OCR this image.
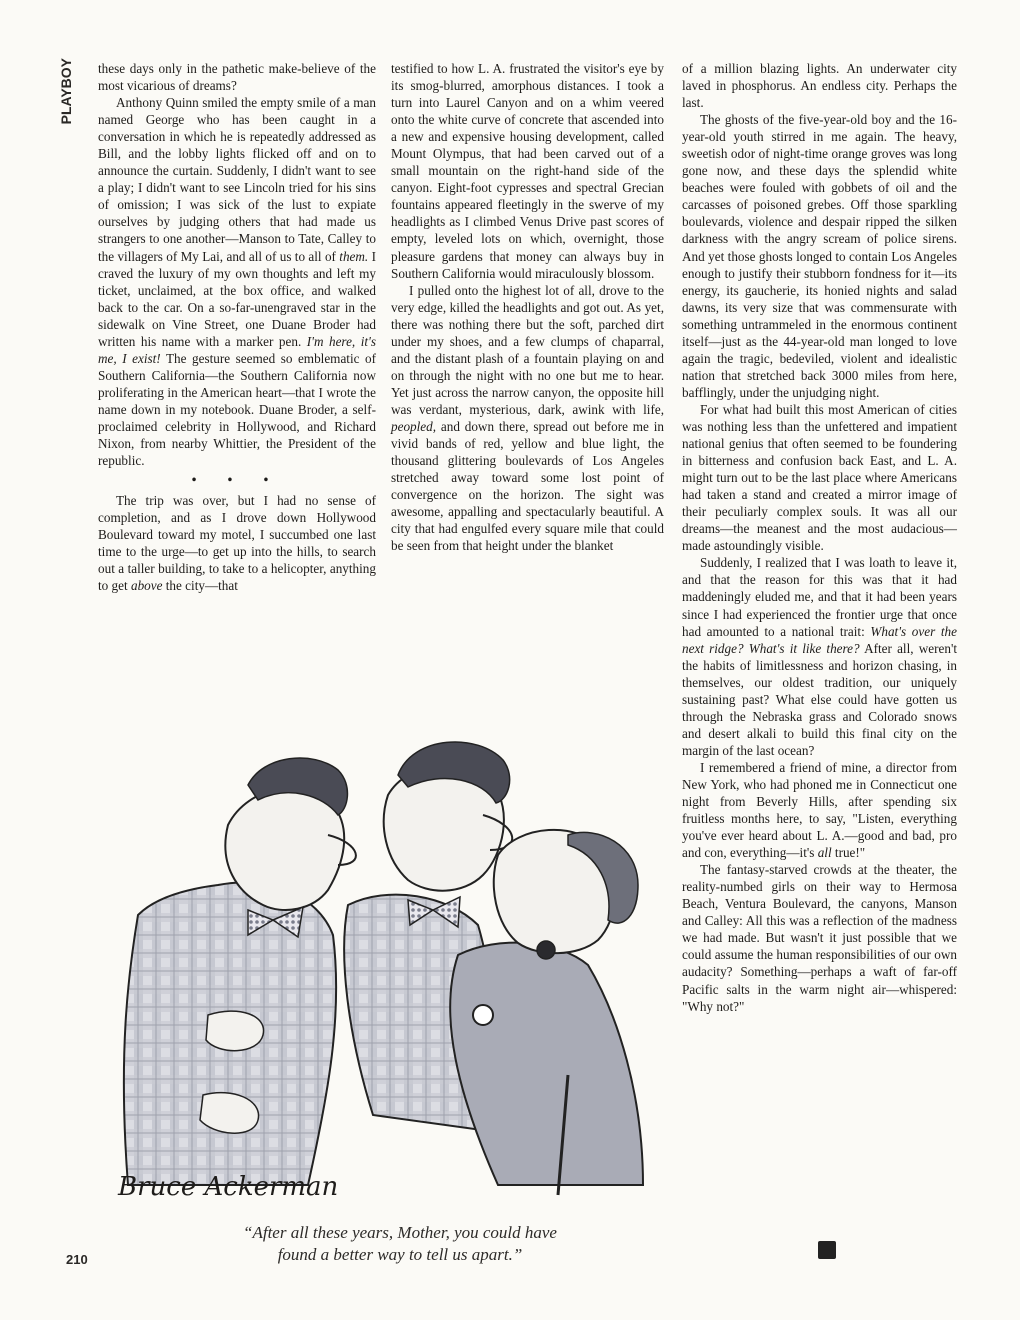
PLAYBOY	these days only in the pathetic make-believe of the most vicarious of dreams?

Anthony Quinn smiled the empty smile of a man named George who has been caught in a conversation in which he is repeatedly addressed as Bill, and the lobby lights flicked off and on to announce the curtain. Suddenly, I didn't want to see a play; I didn't want to see Lincoln tried for his sins of omission; I was sick of the lust to expiate ourselves by judging others that had made us strangers to one another—Manson to Tate, Calley to the villagers of My Lai, and all of us to all of them. I craved the luxury of my own thoughts and left my ticket, unclaimed, at the box office, and walked back to the car. On a so-far-unengraved star in the sidewalk on Vine Street, one Duane Broder had written his name with a marker pen. I'm here, it's me, I exist! The gesture seemed so emblematic of Southern California—the Southern California now proliferating in the American heart—that I wrote the name down in my notebook. Duane Broder, a self-proclaimed celebrity in Hollywood, and Richard Nixon, from nearby Whittier, the President of the republic.

• • •

The trip was over, but I had no sense of completion, and as I drove down Hollywood Boulevard toward my motel, I succumbed one last time to the urge—to get up into the hills, to search out a taller building, to take to a helicopter, anything to get above the city—that

testified to how L. A. frustrated the visitor's eye by its smog-blurred, amorphous distances. I took a turn into Laurel Canyon and on a whim veered onto the white curve of concrete that ascended into a new and expensive housing development, called Mount Olympus, that had been carved out of a small mountain on the right-hand side of the canyon. Eight-foot cypresses and spectral Grecian fountains appeared fleetingly in the swerve of my headlights as I climbed Venus Drive past scores of empty, leveled lots on which, overnight, those pleasure gardens that money can always buy in Southern California would miraculously blossom.

I pulled onto the highest lot of all, drove to the very edge, killed the headlights and got out. As yet, there was nothing there but the soft, parched dirt under my shoes, and a few clumps of chaparral, and the distant plash of a fountain playing on and on through the night with no one but me to hear. Yet just across the narrow canyon, the opposite hill was verdant, mysterious, dark, awink with life, peopled, and down there, spread out before me in vivid bands of red, yellow and blue light, the thousand glittering boulevards of Los Angeles stretched away toward some lost point of convergence on the horizon. The sight was awesome, appalling and spectacularly beautiful. A city that had engulfed every square mile that could be seen from that height under the blanket

of a million blazing lights. An underwater city laved in phosphorus. An endless city. Perhaps the last.

The ghosts of the five-year-old boy and the 16-year-old youth stirred in me again. The heavy, sweetish odor of night-time orange groves was long gone now, and these days the splendid white beaches were fouled with gobbets of oil and the carcasses of poisoned grebes. Off those sparkling boulevards, violence and despair ripped the silken darkness with the angry scream of police sirens. And yet those ghosts longed to contain Los Angeles enough to justify their stubborn fondness for it—its energy, its gaucherie, its honied nights and salad dawns, its very size that was commensurate with something untrammeled in the enormous continent itself—just as the 44-year-old man longed to love again the tragic, bedeviled, violent and idealistic nation that stretched back 3000 miles from here, bafflingly, under the unjudging night.

For what had built this most American of cities was nothing less than the unfettered and impatient national genius that often seemed to be foundering in bitterness and confusion back East, and L. A. might turn out to be the last place where Americans had taken a stand and created a mirror image of their peculiarly complex souls. It was all our dreams—the meanest and the most audacious—made astoundingly visible.

Suddenly, I realized that I was loath to leave it, and that the reason for this was that it had maddeningly eluded me, and that it had been years since I had experienced the frontier urge that once had amounted to a national trait: What's over the next ridge? What's it like there? After all, weren't the habits of limitlessness and horizon chasing, in themselves, our oldest tradition, our uniquely sustaining past? What else could have gotten us through the Nebraska grass and Colorado snows and desert alkali to build this final city on the margin of the last ocean?

I remembered a friend of mine, a director from New York, who had phoned me in Connecticut one night from Beverly Hills, after spending six fruitless months here, to say, "Listen, everything you've ever heard about L. A.—good and bad, pro and con, everything—it's all true!"

The fantasy-starved crowds at the theater, the reality-numbed girls on their way to Hermosa Beach, Ventura Boulevard, the canyons, Manson and Calley: All this was a reflection of the madness we had made. But wasn't it just possible that we could assume the human responsibilities of our own audacity? Something—perhaps a waft of far-off Pacific salts in the warm night air—whispered: "Why not?"

Bruce Ackerman
“After all these years, Mother, you could have
found a better way to tell us apart.”
210
